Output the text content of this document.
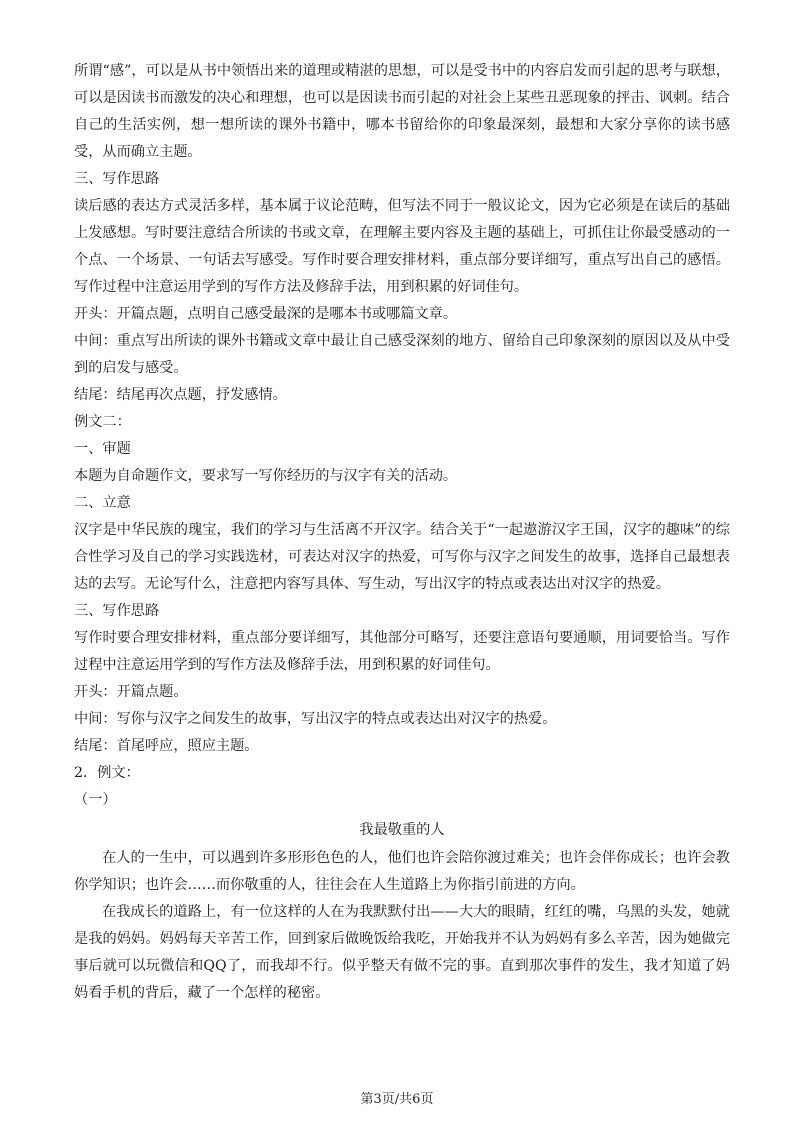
所谓“感”，可以是从书中领悟出来的道理或精湛的思想，可以是受书中的内容启发而引起的思考与联想，可以是因读书而激发的决心和理想，也可以是因读书而引起的对社会上某些丑恶现象的抨击、讽刺。结合自己的生活实例，想一想所读的课外书籍中，哪本书留给你的印象最深刻，最想和大家分享你的读书感受，从而确立主题。

三、写作思路

读后感的表达方式灵活多样，基本属于议论范畴，但写法不同于一般议论文，因为它必须是在读后的基础上发感想。写时要注意结合所读的书或文章，在理解主要内容及主题的基础上，可抓住让你最受感动的一个点、一个场景、一句话去写感受。写作时要合理安排材料，重点部分要详细写，重点写出自己的感悟。写作过程中注意运用学到的写作方法及修辞手法，用到积累的好词佳句。

开头：开篇点题，点明自己感受最深的是哪本书或哪篇文章。

中间：重点写出所读的课外书籍或文章中最让自己感受深刻的地方、留给自己印象深刻的原因以及从中受到的启发与感受。

结尾：结尾再次点题，抒发感情。

例文二：

一、审题

本题为自命题作文，要求写一写你经历的与汉字有关的活动。

二、立意

汉字是中华民族的瑰宝，我们的学习与生活离不开汉字。结合关于“一起遨游汉字王国，汉字的趣味”的综合性学习及自己的学习实践选材，可表达对汉字的热爱，可写你与汉字之间发生的故事，选择自己最想表达的去写。无论写什么，注意把内容写具体、写生动，写出汉字的特点或表达出对汉字的热爱。

三、写作思路

写作时要合理安排材料，重点部分要详细写，其他部分可略写，还要注意语句要通顺，用词要恰当。写作过程中注意运用学到的写作方法及修辞手法，用到积累的好词佳句。

开头：开篇点题。

中间：写你与汉字之间发生的故事，写出汉字的特点或表达出对汉字的热爱。

结尾：首尾呼应，照应主题。

2．例文：

（一）

我最敬重的人

在人的一生中，可以遇到许多形形色色的人，他们也许会陪你渡过难关；也许会伴你成长；也许会教你学知识；也许会……而你敬重的人，往往会在人生道路上为你指引前进的方向。

在我成长的道路上，有一位这样的人在为我默默付出——大大的眼睛，红红的嘴，乌黑的头发，她就是我的妈妈。妈妈每天辛苦工作，回到家后做晚饭给我吃，开始我并不认为妈妈有多么辛苦，因为她做完事后就可以玩微信和QQ了，而我却不行。似乎整天有做不完的事。直到那次事件的发生，我才知道了妈妈看手机的背后，藏了一个怎样的秘密。

第3页/共6页
